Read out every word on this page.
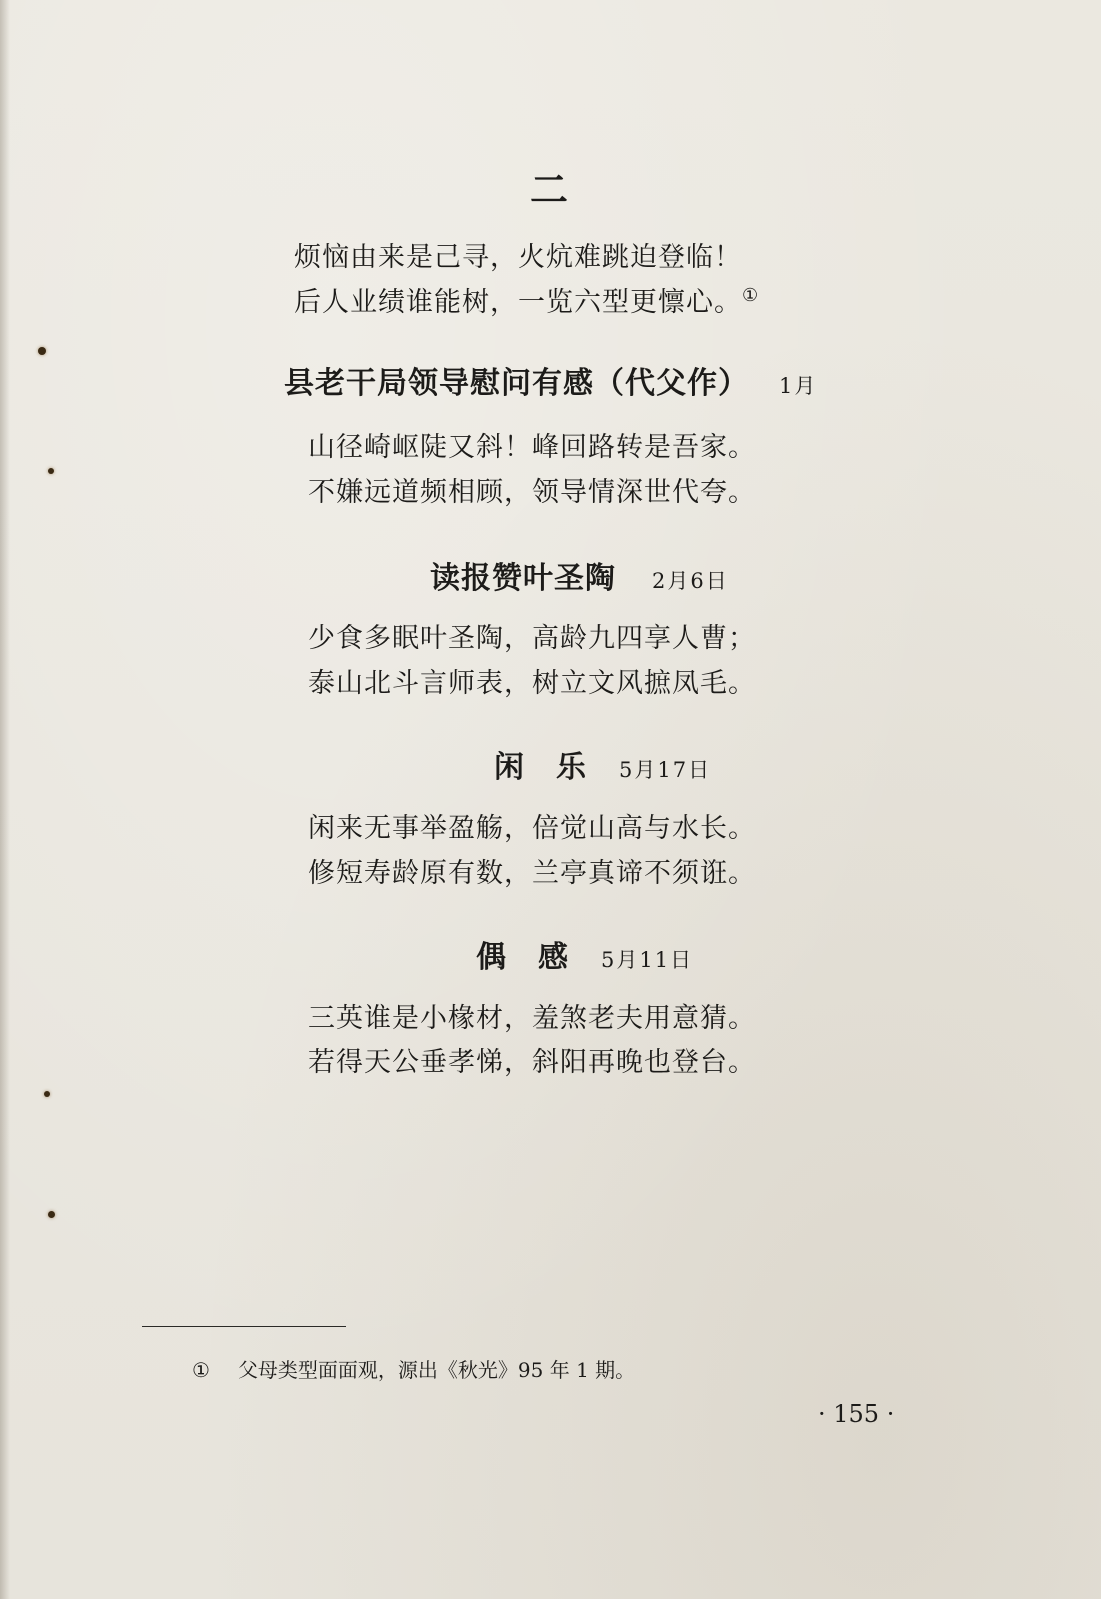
二
烦恼由来是己寻，火炕难跳迫登临！
后人业绩谁能树，一览六型更懔心。①
县老干局领导慰问有感（代父作） 1月
山径崎岖陡又斜！峰回路转是吾家。
不嫌远道频相顾，领导情深世代夸。
读报赞叶圣陶 2月6日
少食多眠叶圣陶，高龄九四享人曹；
泰山北斗言师表，树立文风摭凤毛。
闲　乐 5月17日
闲来无事举盈觞，倍觉山高与水长。
修短寿龄原有数，兰亭真谛不须诳。
偶　感 5月11日
三英谁是小椽材，羞煞老夫用意猜。
若得天公垂孝悌，斜阳再晚也登台。
① 父母类型面面观，源出《秋光》95 年 1 期。
· 155 ·
